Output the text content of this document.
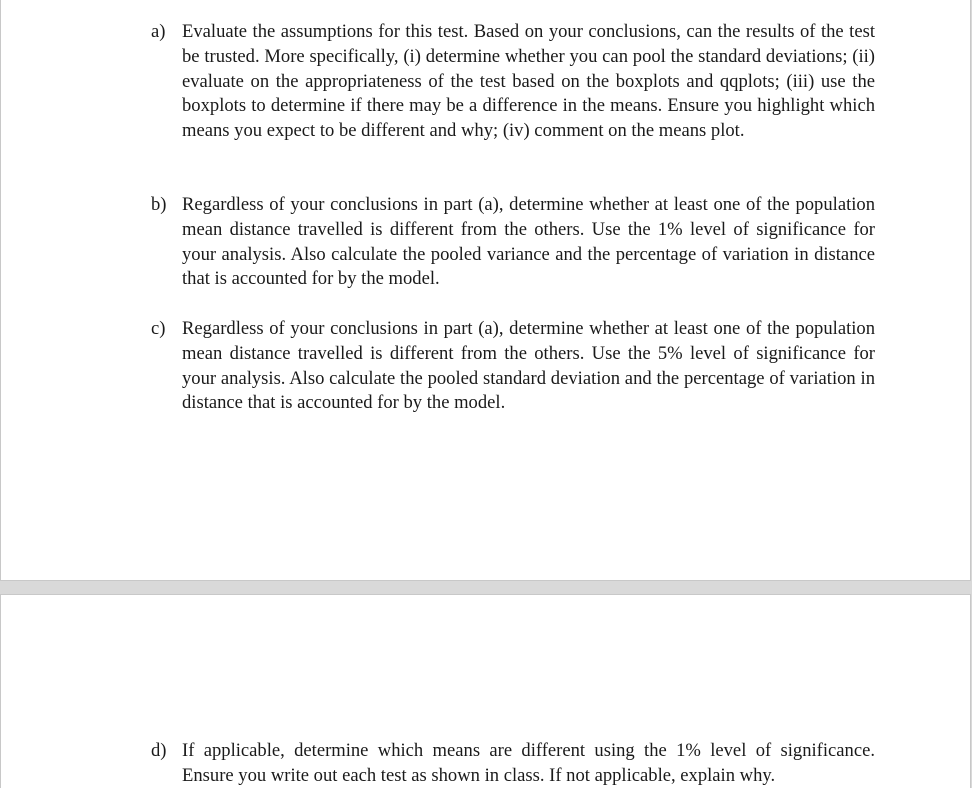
a) Evaluate the assumptions for this test. Based on your conclusions, can the results of the test be trusted. More specifically, (i) determine whether you can pool the standard deviations; (ii) evaluate on the appropriateness of the test based on the boxplots and qqplots; (iii) use the boxplots to determine if there may be a difference in the means. Ensure you highlight which means you expect to be different and why; (iv) comment on the means plot.
b) Regardless of your conclusions in part (a), determine whether at least one of the population mean distance travelled is different from the others. Use the 1% level of significance for your analysis. Also calculate the pooled variance and the percentage of variation in distance that is accounted for by the model.
c) Regardless of your conclusions in part (a), determine whether at least one of the population mean distance travelled is different from the others. Use the 5% level of significance for your analysis. Also calculate the pooled standard deviation and the percentage of variation in distance that is accounted for by the model.
d) If applicable, determine which means are different using the 1% level of significance. Ensure you write out each test as shown in class. If not applicable, explain why.
